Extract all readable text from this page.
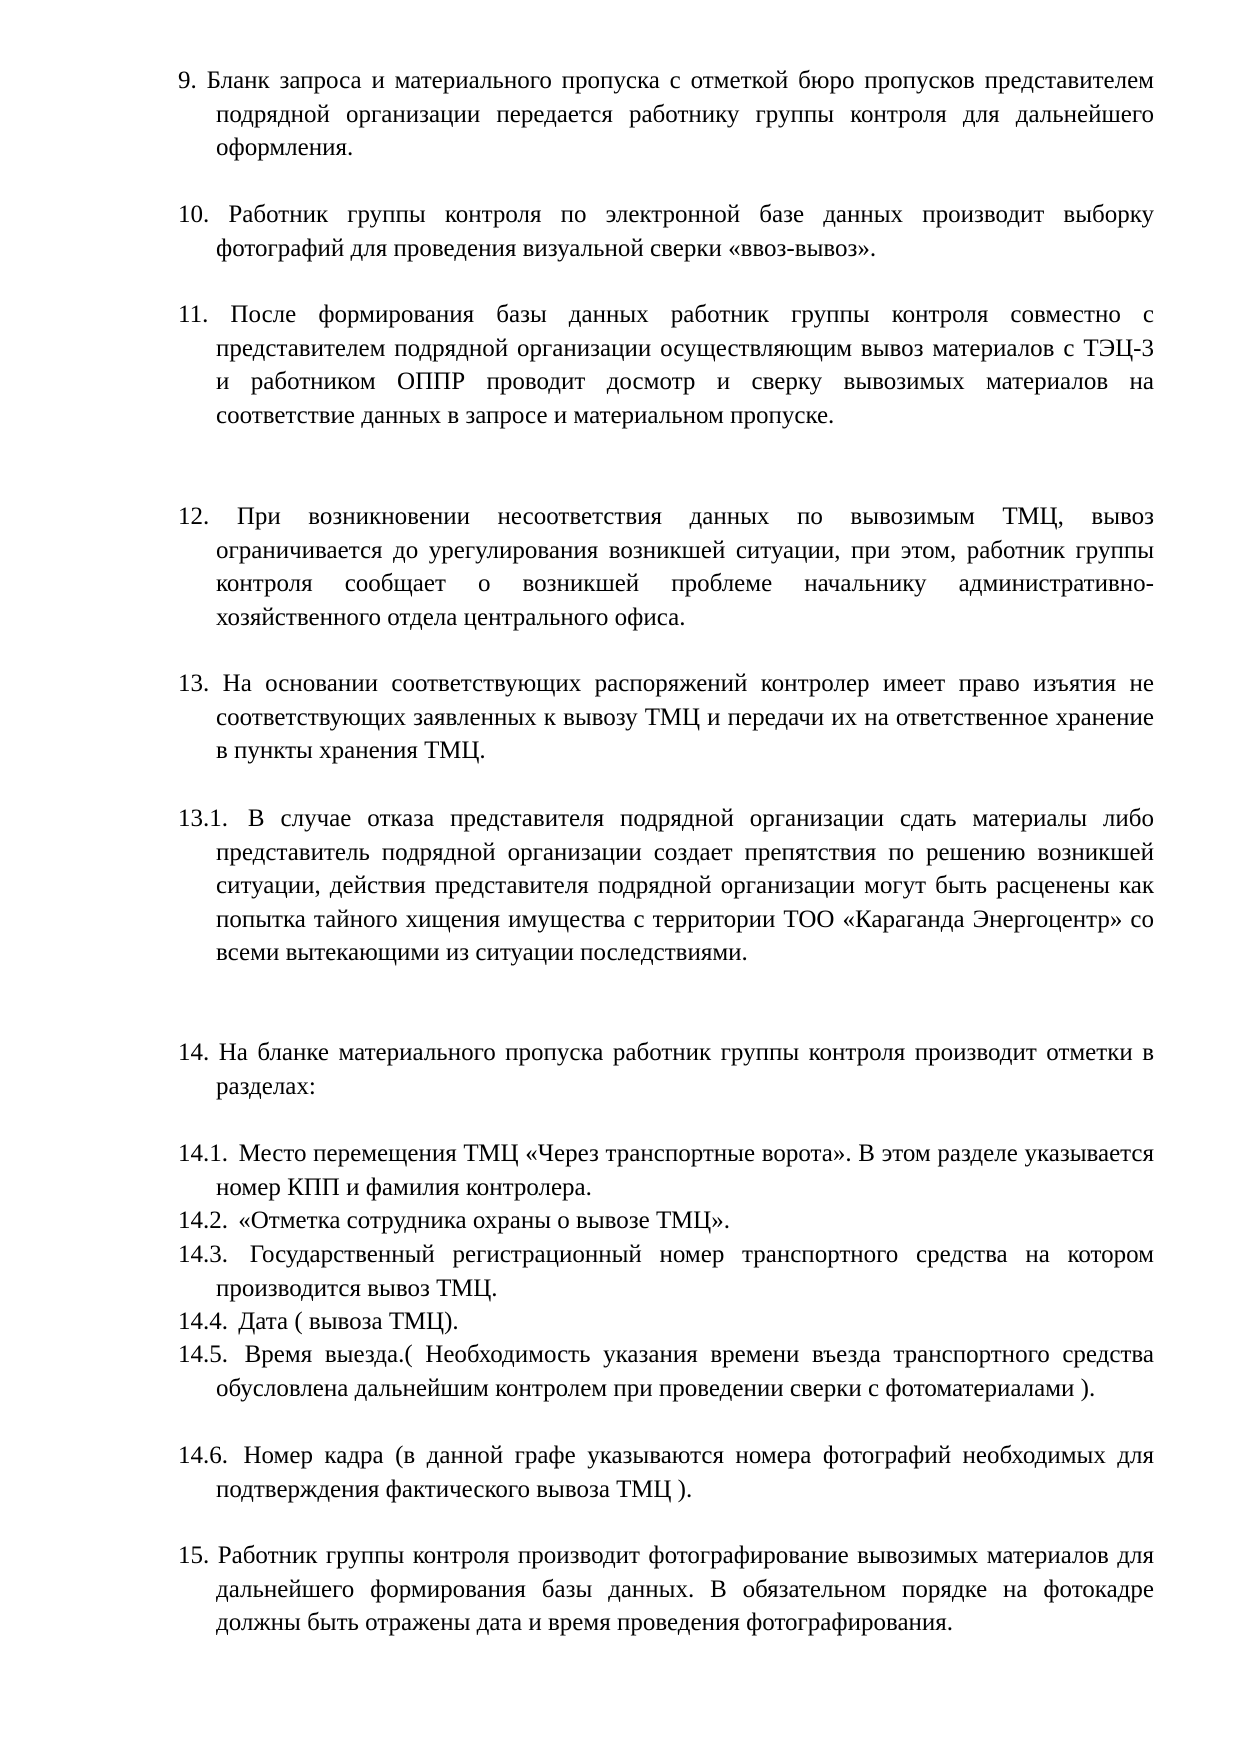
9. Бланк запроса и материального пропуска с отметкой бюро пропусков представителем подрядной организации передается работнику группы контроля для дальнейшего оформления.
10. Работник группы контроля по электронной базе данных производит выборку фотографий для проведения визуальной сверки «ввоз-вывоз».
11. После формирования базы данных работник группы контроля совместно с представителем подрядной организации осуществляющим вывоз материалов с ТЭЦ-3 и работником ОППР проводит досмотр и сверку вывозимых материалов на соответствие данных в запросе и материальном пропуске.
12. При возникновении несоответствия данных по вывозимым ТМЦ, вывоз ограничивается до урегулирования возникшей ситуации, при этом, работник группы контроля сообщает о возникшей проблеме начальнику административно-хозяйственного отдела центрального офиса.
13. На основании соответствующих распоряжений контролер имеет право изъятия не соответствующих заявленных к вывозу ТМЦ и передачи их на ответственное хранение в пункты хранения ТМЦ.
13.1. В случае отказа представителя подрядной организации сдать материалы либо представитель подрядной организации создает препятствия по решению возникшей ситуации, действия представителя подрядной организации могут быть расценены как попытка тайного хищения имущества с территории ТОО «Караганда Энергоцентр» со всеми вытекающими из ситуации последствиями.
14. На бланке материального пропуска работник группы контроля производит отметки в разделах:
14.1. Место перемещения ТМЦ «Через транспортные ворота». В этом разделе указывается номер КПП и фамилия контролера.
14.2. «Отметка сотрудника охраны о вывозе ТМЦ».
14.3. Государственный регистрационный номер транспортного средства на котором производится вывоз ТМЦ.
14.4. Дата ( вывоза ТМЦ).
14.5. Время выезда.( Необходимость указания времени въезда транспортного средства обусловлена дальнейшим контролем при проведении сверки с фотоматериалами ).
14.6. Номер кадра (в данной графе указываются номера фотографий необходимых для подтверждения фактического вывоза ТМЦ ).
15. Работник группы контроля производит фотографирование вывозимых материалов для дальнейшего формирования базы данных. В обязательном порядке на фотокадре должны быть отражены дата и время проведения фотографирования.
